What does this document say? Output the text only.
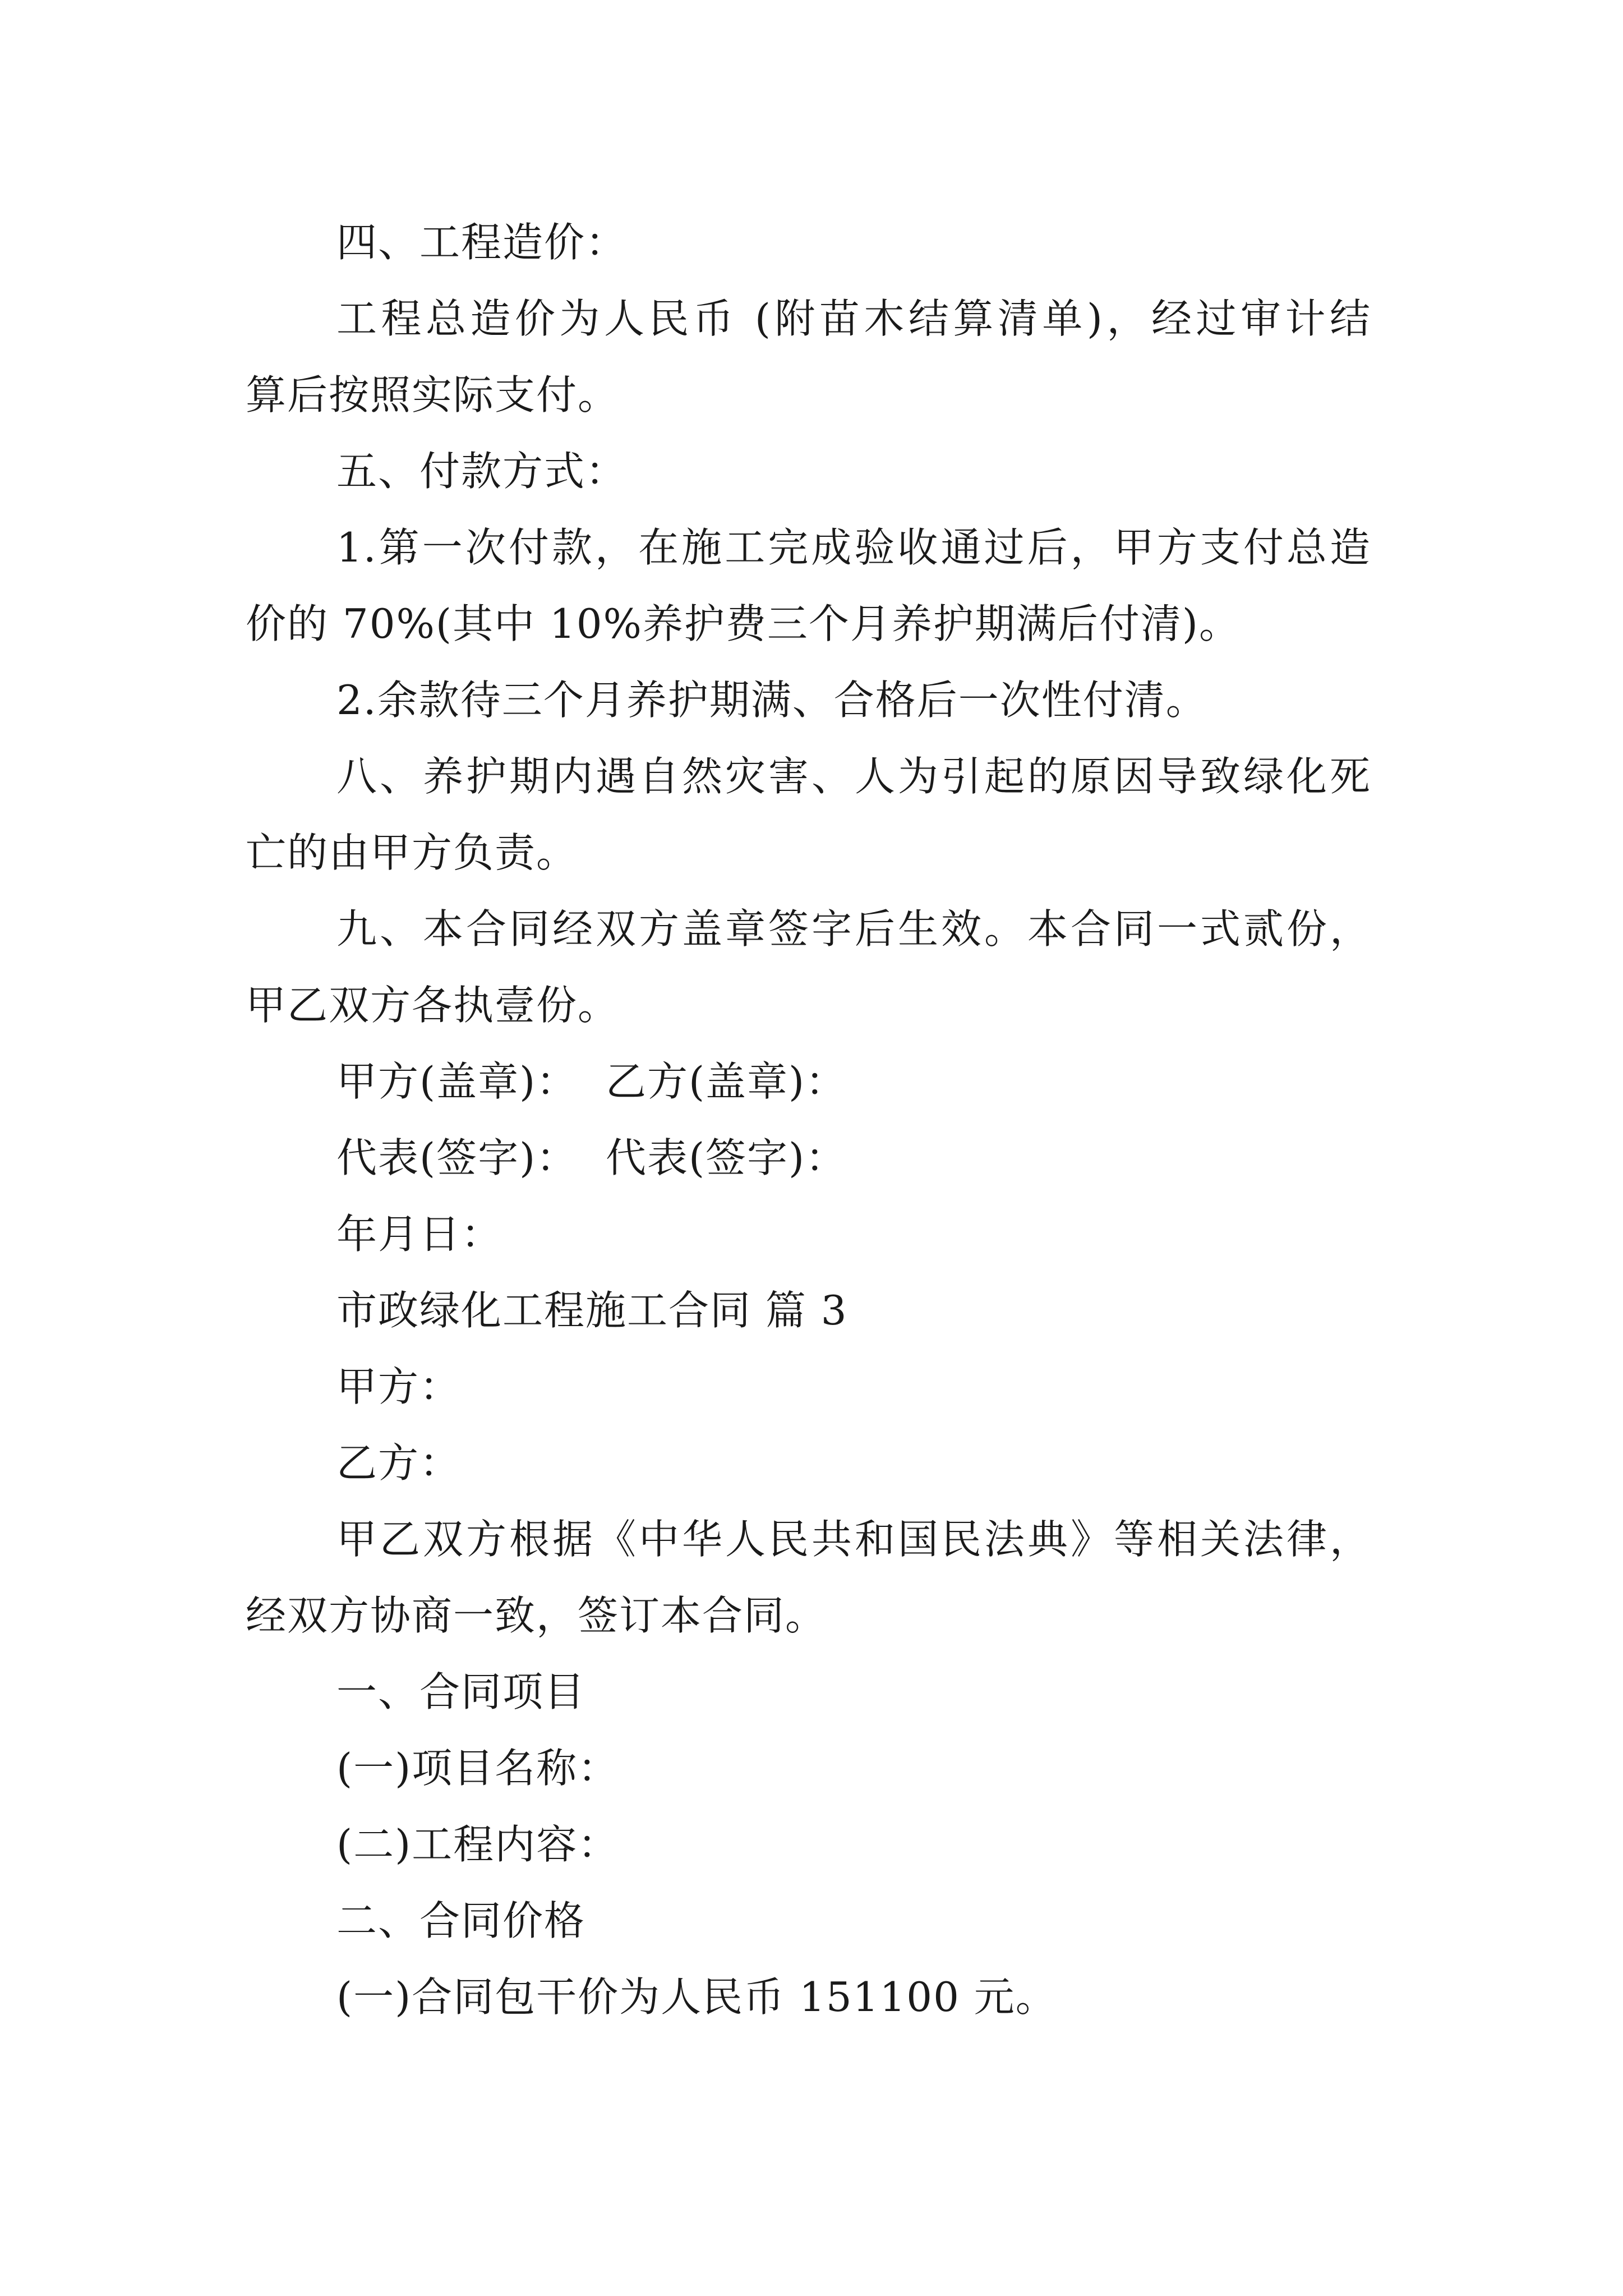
四、工程造价：
工程总造价为人民币 (附苗木结算清单)，经过审计结
算后按照实际支付。
五、付款方式：
1.第一次付款，在施工完成验收通过后，甲方支付总造
价的 70%(其中 10%养护费三个月养护期满后付清)。
2.余款待三个月养护期满、合格后一次性付清。
八、养护期内遇自然灾害、人为引起的原因导致绿化死
亡的由甲方负责。
九、本合同经双方盖章签字后生效。本合同一式贰份，
甲乙双方各执壹份。
甲方(盖章)：  乙方(盖章)：
代表(签字)：  代表(签字)：
年月日：
市政绿化工程施工合同 篇 3
甲方：
乙方：
甲乙双方根据《中华人民共和国民法典》等相关法律，
经双方协商一致，签订本合同。
一、合同项目
(一)项目名称：
(二)工程内容：
二、合同价格
(一)合同包干价为人民币 151100 元。
